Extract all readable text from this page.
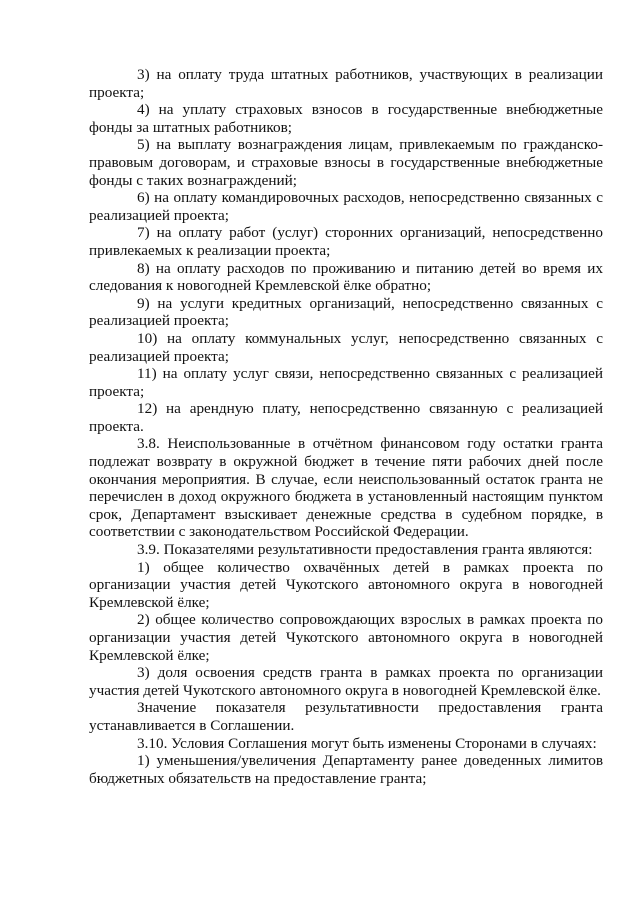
3) на оплату труда штатных работников, участвующих в реализации проекта;

4) на уплату страховых взносов в государственные внебюджетные фонды за штатных работников;

5) на выплату вознаграждения лицам, привлекаемым по гражданско-правовым договорам, и страховые взносы в государственные внебюджетные фонды с таких вознаграждений;

6) на оплату командировочных расходов, непосредственно связанных с реализацией проекта;

7) на оплату работ (услуг) сторонних организаций, непосредственно привлекаемых к реализации проекта;

8) на оплату расходов по проживанию и питанию детей во время их следования к новогодней Кремлевской ёлке обратно;

9) на услуги кредитных организаций, непосредственно связанных с реализацией проекта;

10) на оплату коммунальных услуг, непосредственно связанных с реализацией проекта;

11) на оплату услуг связи, непосредственно связанных с реализацией проекта;

12) на арендную плату, непосредственно связанную с реализацией проекта.

3.8. Неиспользованные в отчётном финансовом году остатки гранта подлежат возврату в окружной бюджет в течение пяти рабочих дней после окончания мероприятия. В случае, если неиспользованный остаток гранта не перечислен в доход окружного бюджета в установленный настоящим пунктом срок, Департамент взыскивает денежные средства в судебном порядке, в соответствии с законодательством Российской Федерации.

3.9. Показателями результативности предоставления гранта являются:

1) общее количество охвачённых детей в рамках проекта по организации участия детей Чукотского автономного округа в новогодней Кремлевской ёлке;

2) общее количество сопровождающих взрослых в рамках проекта по организации участия детей Чукотского автономного округа в новогодней Кремлевской ёлке;

3) доля освоения средств гранта в рамках проекта по организации участия детей Чукотского автономного округа в новогодней Кремлевской ёлке.

Значение показателя результативности предоставления гранта устанавливается в Соглашении.

3.10. Условия Соглашения могут быть изменены Сторонами в случаях:

1) уменьшения/увеличения Департаменту ранее доведенных лимитов бюджетных обязательств на предоставление гранта;
